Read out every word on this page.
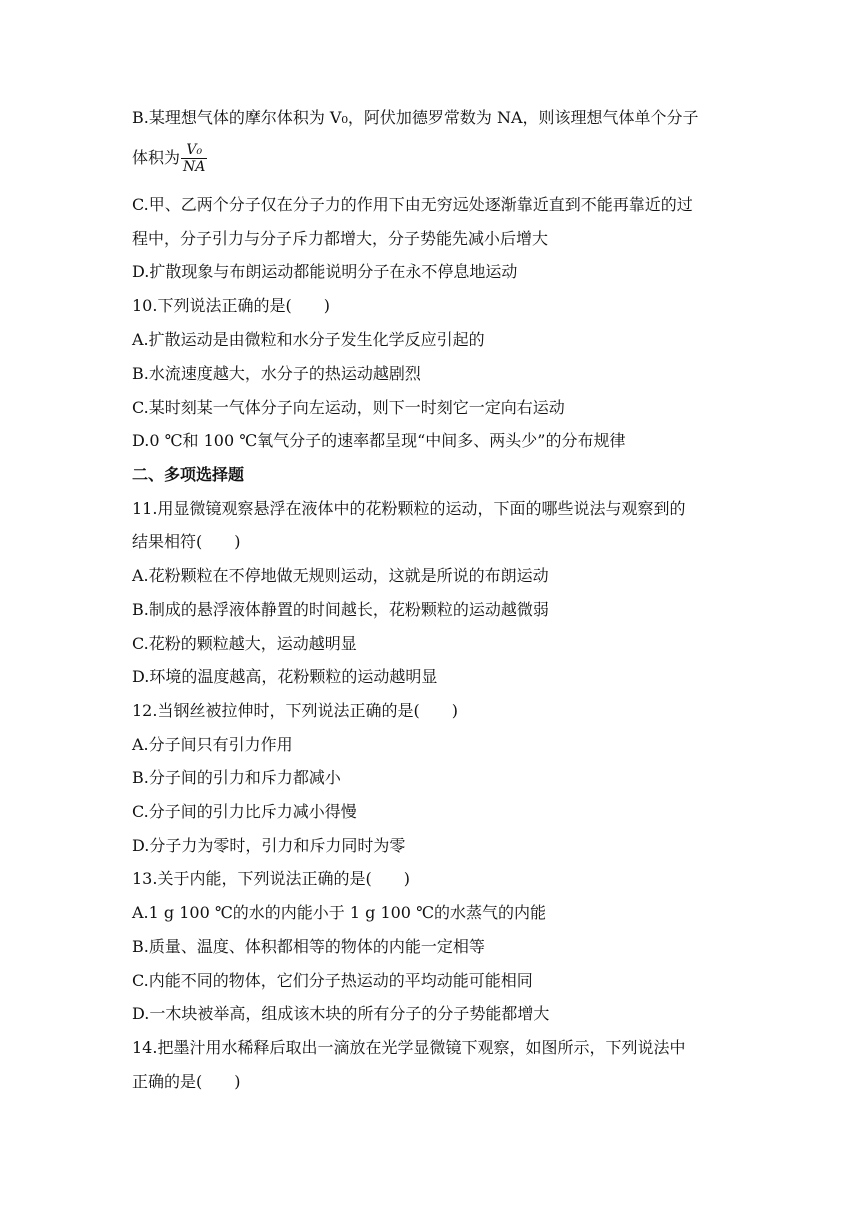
B.某理想气体的摩尔体积为 V₀，阿伏加德罗常数为 NA，则该理想气体单个分子
体积为 $\frac{\text{V₀}}{NA}$
C.甲、乙两个分子仅在分子力的作用下由无穷远处逐渐靠近直到不能再靠近的过
程中，分子引力与分子斥力都增大，分子势能先减小后增大
D.扩散现象与布朗运动都能说明分子在永不停息地运动
10.下列说法正确的是(　　)
A.扩散运动是由微粒和水分子发生化学反应引起的
B.水流速度越大，水分子的热运动越剧烈
C.某时刻某一气体分子向左运动，则下一时刻它一定向右运动
D.0 ℃和 100 ℃氧气分子的速率都呈现“中间多、两头少”的分布规律
二、多项选择题
11.用显微镜观察悬浮在液体中的花粉颗粒的运动，下面的哪些说法与观察到的
结果相符(　　)
A.花粉颗粒在不停地做无规则运动，这就是所说的布朗运动
B.制成的悬浮液体静置的时间越长，花粉颗粒的运动越微弱
C.花粉的颗粒越大，运动越明显
D.环境的温度越高，花粉颗粒的运动越明显
12.当钢丝被拉伸时，下列说法正确的是(　　)
A.分子间只有引力作用
B.分子间的引力和斥力都减小
C.分子间的引力比斥力减小得慢
D.分子力为零时，引力和斥力同时为零
13.关于内能，下列说法正确的是(　　)
A.1 g 100 ℃的水的内能小于 1 g 100 ℃的水蒸气的内能
B.质量、温度、体积都相等的物体的内能一定相等
C.内能不同的物体，它们分子热运动的平均动能可能相同
D.一木块被举高，组成该木块的所有分子的分子势能都增大
14.把墨汁用水稀释后取出一滴放在光学显微镜下观察，如图所示，下列说法中
正确的是(　　)
